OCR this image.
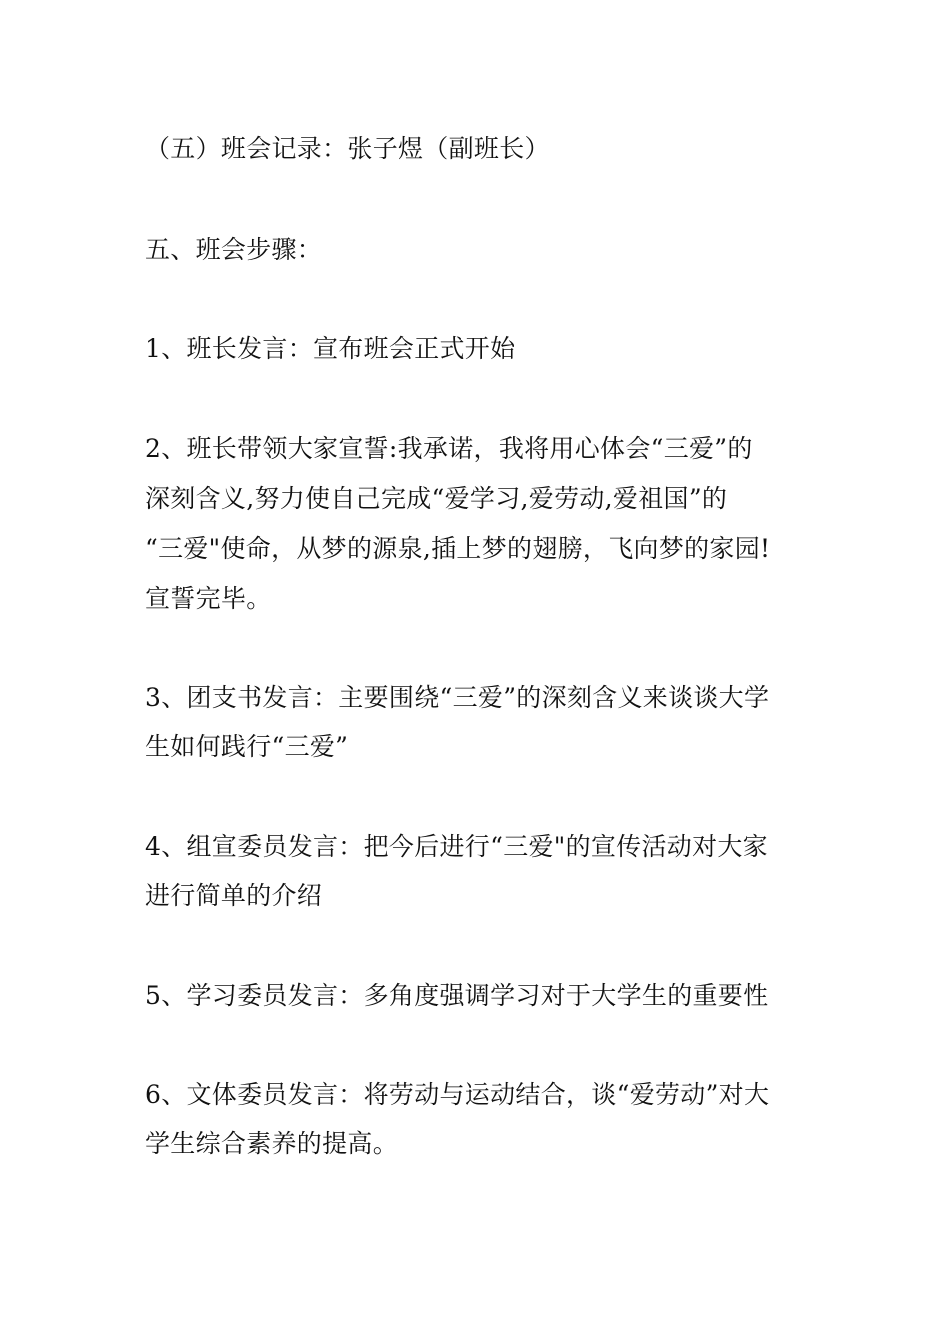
（五）班会记录：张子煜（副班长）
五、班会步骤：
1、班长发言：宣布班会正式开始
2、班长带领大家宣誓:我承诺，我将用心体会“三爱”的
深刻含义,努力使自己完成“爱学习,爱劳动,爱祖国”的
“三爱"使命，从梦的源泉,插上梦的翅膀，飞向梦的家园!
宣誓完毕。
3、团支书发言：主要围绕“三爱”的深刻含义来谈谈大学
生如何践行“三爱”
4、组宣委员发言：把今后进行“三爱"的宣传活动对大家
进行简单的介绍
5、学习委员发言：多角度强调学习对于大学生的重要性
6、文体委员发言：将劳动与运动结合，谈“爱劳动”对大
学生综合素养的提高。
